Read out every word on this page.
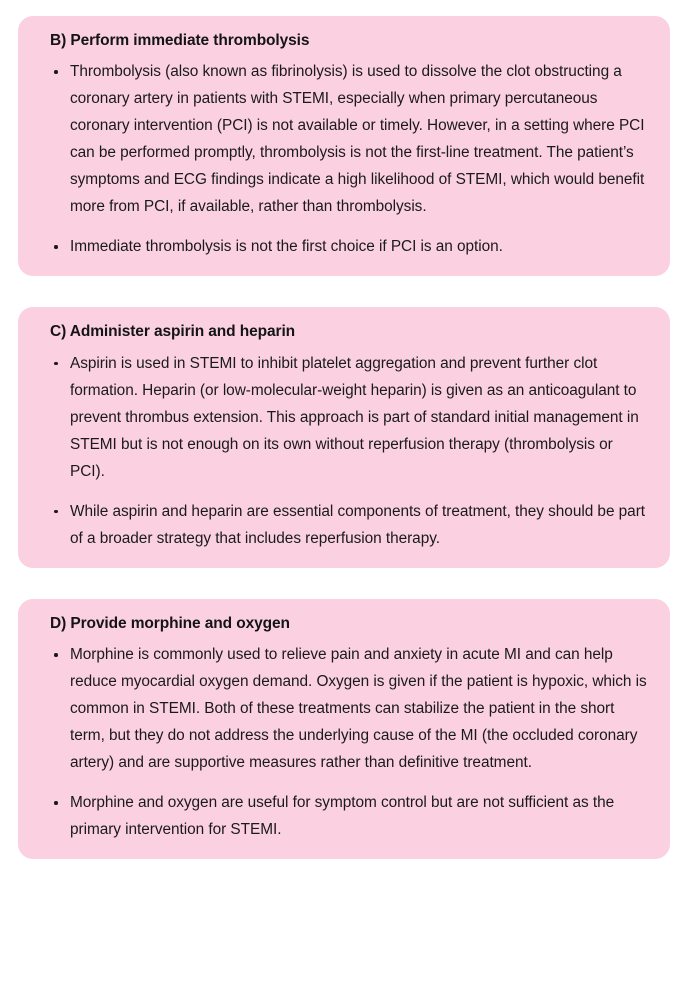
B) Perform immediate thrombolysis
Thrombolysis (also known as fibrinolysis) is used to dissolve the clot obstructing a coronary artery in patients with STEMI, especially when primary percutaneous coronary intervention (PCI) is not available or timely. However, in a setting where PCI can be performed promptly, thrombolysis is not the first-line treatment. The patient’s symptoms and ECG findings indicate a high likelihood of STEMI, which would benefit more from PCI, if available, rather than thrombolysis.
Immediate thrombolysis is not the first choice if PCI is an option.
C) Administer aspirin and heparin
Aspirin is used in STEMI to inhibit platelet aggregation and prevent further clot formation. Heparin (or low-molecular-weight heparin) is given as an anticoagulant to prevent thrombus extension. This approach is part of standard initial management in STEMI but is not enough on its own without reperfusion therapy (thrombolysis or PCI).
While aspirin and heparin are essential components of treatment, they should be part of a broader strategy that includes reperfusion therapy.
D) Provide morphine and oxygen
Morphine is commonly used to relieve pain and anxiety in acute MI and can help reduce myocardial oxygen demand. Oxygen is given if the patient is hypoxic, which is common in STEMI. Both of these treatments can stabilize the patient in the short term, but they do not address the underlying cause of the MI (the occluded coronary artery) and are supportive measures rather than definitive treatment.
Morphine and oxygen are useful for symptom control but are not sufficient as the primary intervention for STEMI.
